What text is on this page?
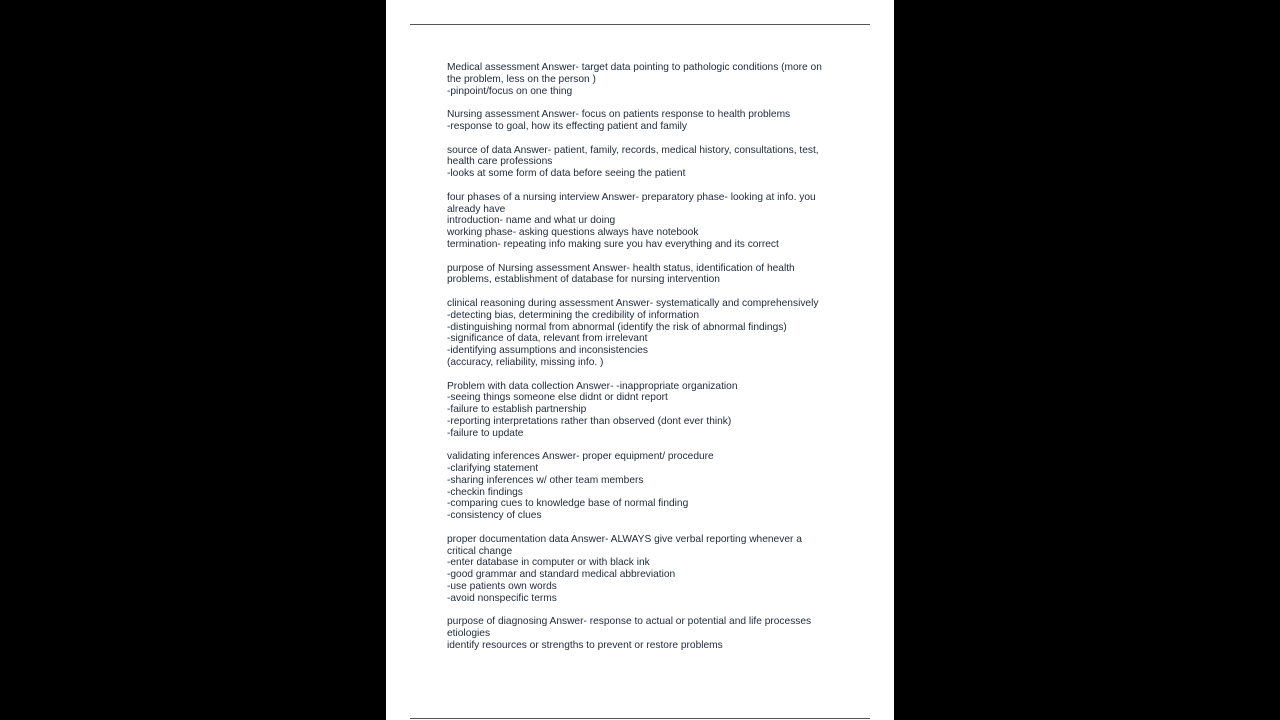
Medical assessment Answer- target data pointing to pathologic conditions (more on
the problem, less on the person )
-pinpoint/focus on one thing
Nursing assessment Answer- focus on patients response to health problems
-response to goal, how its effecting patient and family
source of data Answer- patient, family, records, medical history, consultations, test,
health care professions
-looks at some form of data before seeing the patient
four phases of a nursing interview Answer- preparatory phase- looking at info. you
already have
introduction- name and what ur doing
working phase- asking questions always have notebook
termination- repeating info making sure you hav everything and its correct
purpose of Nursing assessment Answer- health status, identification of health
problems, establishment of database for nursing intervention
clinical reasoning during assessment Answer- systematically and comprehensively
-detecting bias, determining the credibility of information
-distinguishing normal from abnormal (identify the risk of abnormal findings)
-significance of data, relevant from irrelevant
-identifying assumptions and inconsistencies
(accuracy, reliability, missing info. )
Problem with data collection Answer- -inappropriate organization
-seeing things someone else didnt or didnt report
-failure to establish partnership
-reporting interpretations rather than observed (dont ever think)
-failure to update
validating inferences Answer- proper equipment/ procedure
-clarifying statement
-sharing inferences w/ other team members
-checkin findings
-comparing cues to knowledge base of normal finding
-consistency of clues
proper documentation data Answer- ALWAYS give verbal reporting whenever a
critical change
-enter database in computer or with black ink
-good grammar and standard medical abbreviation
-use patients own words
-avoid nonspecific terms
purpose of diagnosing Answer- response to actual or potential and life processes
etiologies
identify resources or strengths to prevent or restore problems
